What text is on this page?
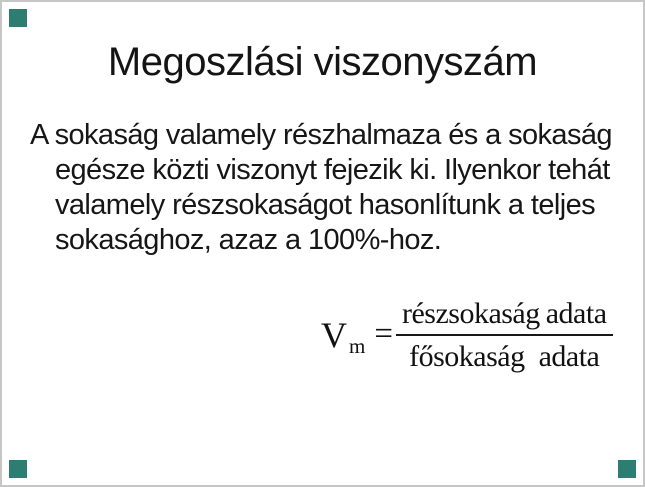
Megoszlási viszonyszám
A sokaság valamely részhalmaza és a sokaság
egésze közti viszonyt fejezik ki. Ilyenkor tehát
valamely részsokaságot hasonlítunk a teljes
sokasághoz, azaz a 100%-hoz.
V $m = \frac{\text{részsokaság adata}}{\text{fősokaság adata}}$
